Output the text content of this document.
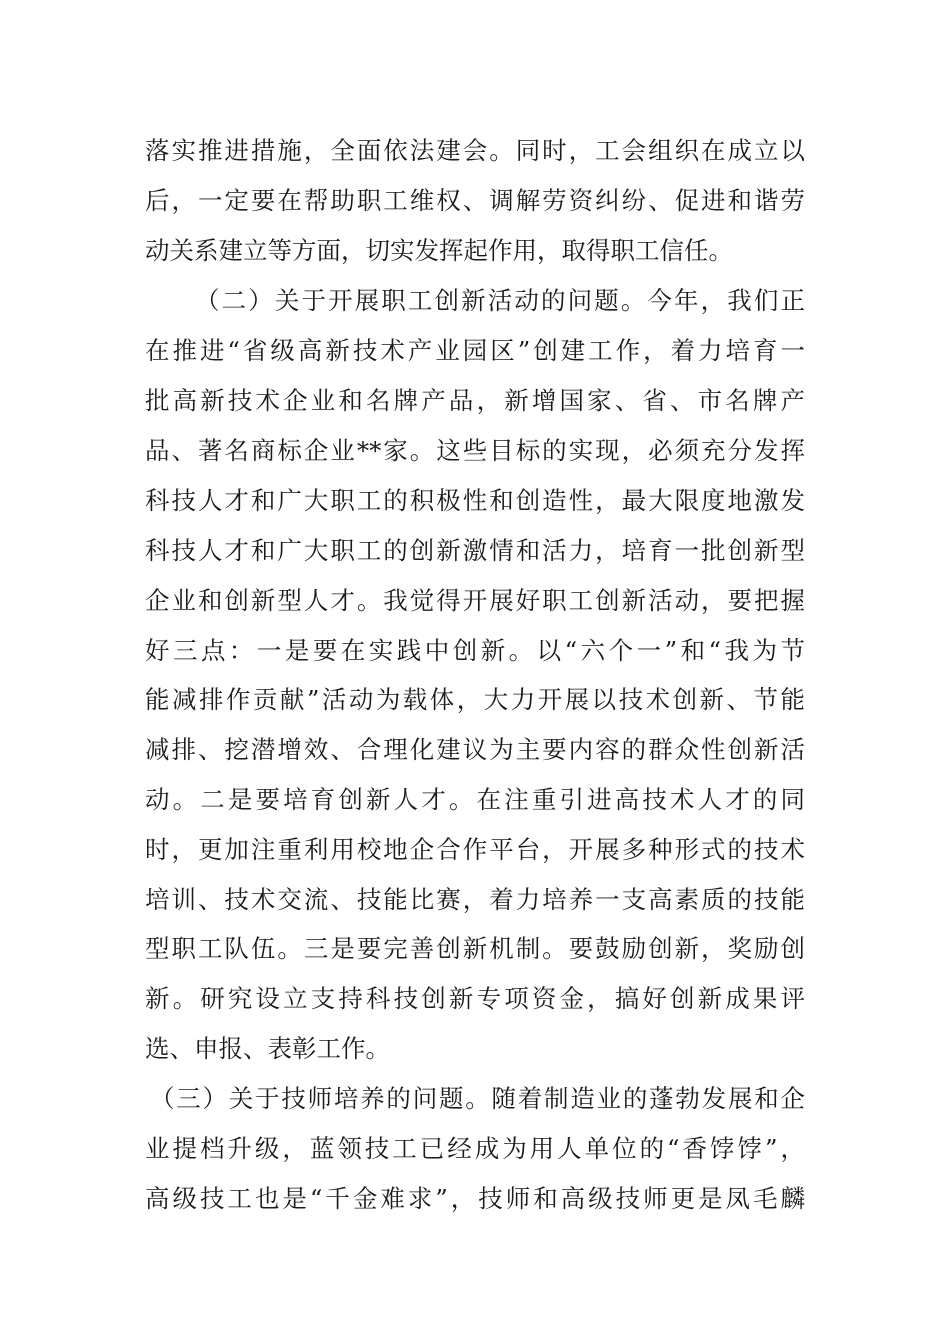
落实推进措施，全面依法建会。同时，工会组织在成立以
后，一定要在帮助职工维权、调解劳资纠纷、促进和谐劳
动关系建立等方面，切实发挥起作用，取得职工信任。
（二）关于开展职工创新活动的问题。今年，我们正
在推进“省级高新技术产业园区”创建工作，着力培育一
批高新技术企业和名牌产品，新增国家、省、市名牌产
品、著名商标企业**家。这些目标的实现，必须充分发挥
科技人才和广大职工的积极性和创造性，最大限度地激发
科技人才和广大职工的创新激情和活力，培育一批创新型
企业和创新型人才。我觉得开展好职工创新活动，要把握
好三点：一是要在实践中创新。以“六个一”和“我为节
能减排作贡献”活动为载体，大力开展以技术创新、节能
减排、挖潜增效、合理化建议为主要内容的群众性创新活
动。二是要培育创新人才。在注重引进高技术人才的同
时，更加注重利用校地企合作平台，开展多种形式的技术
培训、技术交流、技能比赛，着力培养一支高素质的技能
型职工队伍。三是要完善创新机制。要鼓励创新，奖励创
新。研究设立支持科技创新专项资金，搞好创新成果评
选、申报、表彰工作。
（三）关于技师培养的问题。随着制造业的蓬勃发展和企
业提档升级，蓝领技工已经成为用人单位的“香饽饽”，
高级技工也是“千金难求”，技师和高级技师更是凤毛麟
